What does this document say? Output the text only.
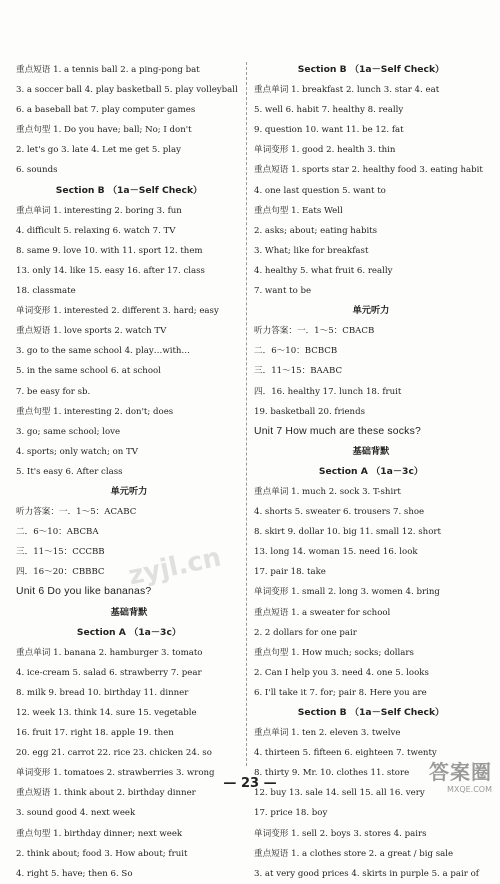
重点短语 1. a tennis ball 2. a ping-pong bat
3. a soccer ball 4. play basketball 5. play volleyball
6. a baseball bat 7. play computer games
重点句型 1. Do you have; ball; No; I don't
2. let's go 3. late 4. Let me get 5. play
6. sounds
Section B （1a－Self Check）
重点单词 1. interesting 2. boring 3. fun
4. difficult 5. relaxing 6. watch 7. TV
8. same 9. love 10. with 11. sport 12. them
13. only 14. like 15. easy 16. after 17. class
18. classmate
单词变形 1. interested 2. different 3. hard; easy
重点短语 1. love sports 2. watch TV
3. go to the same school 4. play…with…
5. in the same school 6. at school
7. be easy for sb.
重点句型 1. interesting 2. don't; does
3. go; same school; love
4. sports; only watch; on TV
5. It's easy 6. After class
单元听力
听力答案：一．1～5：ACABC
二．6～10：ABCBA
三．11～15：CCCBB
四．16～20：CBBBC
Unit 6 Do you like bananas?
基础背默
Section A （1a－3c）
重点单词 1. banana 2. hamburger 3. tomato
4. ice-cream 5. salad 6. strawberry 7. pear
8. milk 9. bread 10. birthday 11. dinner
12. week 13. think 14. sure 15. vegetable
16. fruit 17. right 18. apple 19. then
20. egg 21. carrot 22. rice 23. chicken 24. so
单词变形 1. tomatoes 2. strawberries 3. wrong
重点短语 1. think about 2. birthday dinner
3. sound good 4. next week
重点句型 1. birthday dinner; next week
2. think about; food 3. How about; fruit
4. right 5. have; then 6. So
Section B （1a－Self Check）
重点单词 1. breakfast 2. lunch 3. star 4. eat
5. well 6. habit 7. healthy 8. really
9. question 10. want 11. be 12. fat
单词变形 1. good 2. health 3. thin
重点短语 1. sports star 2. healthy food 3. eating habit
4. one last question 5. want to
重点句型 1. Eats Well
2. asks; about; eating habits
3. What; like for breakfast
4. healthy 5. what fruit 6. really
7. want to be
单元听力
听力答案：一．1～5：CBACB
二．6～10：BCBCB
三．11～15：BAABC
四．16. healthy 17. lunch 18. fruit
19. basketball 20. friends
Unit 7 How much are these socks?
基础背默
Section A （1a－3c）
重点单词 1. much 2. sock 3. T-shirt
4. shorts 5. sweater 6. trousers 7. shoe
8. skirt 9. dollar 10. big 11. small 12. short
13. long 14. woman 15. need 16. look
17. pair 18. take
单词变形 1. small 2. long 3. women 4. bring
重点短语 1. a sweater for school
2. 2 dollars for one pair
重点句型 1. How much; socks; dollars
2. Can I help you 3. need 4. one 5. looks
6. I'll take it 7. for; pair 8. Here you are
Section B （1a－Self Check）
重点单词 1. ten 2. eleven 3. twelve
4. thirteen 5. fifteen 6. eighteen 7. twenty
8. thirty 9. Mr. 10. clothes 11. store
12. buy 13. sale 14. sell 15. all 16. very
17. price 18. boy
单词变形 1. sell 2. boys 3. stores 4. pairs
重点短语 1. a clothes store 2. a great / big sale
3. at very good prices 4. skirts in purple 5. a pair of
zyjl.cn
— 23 —	答案圈
MXQE.COM
